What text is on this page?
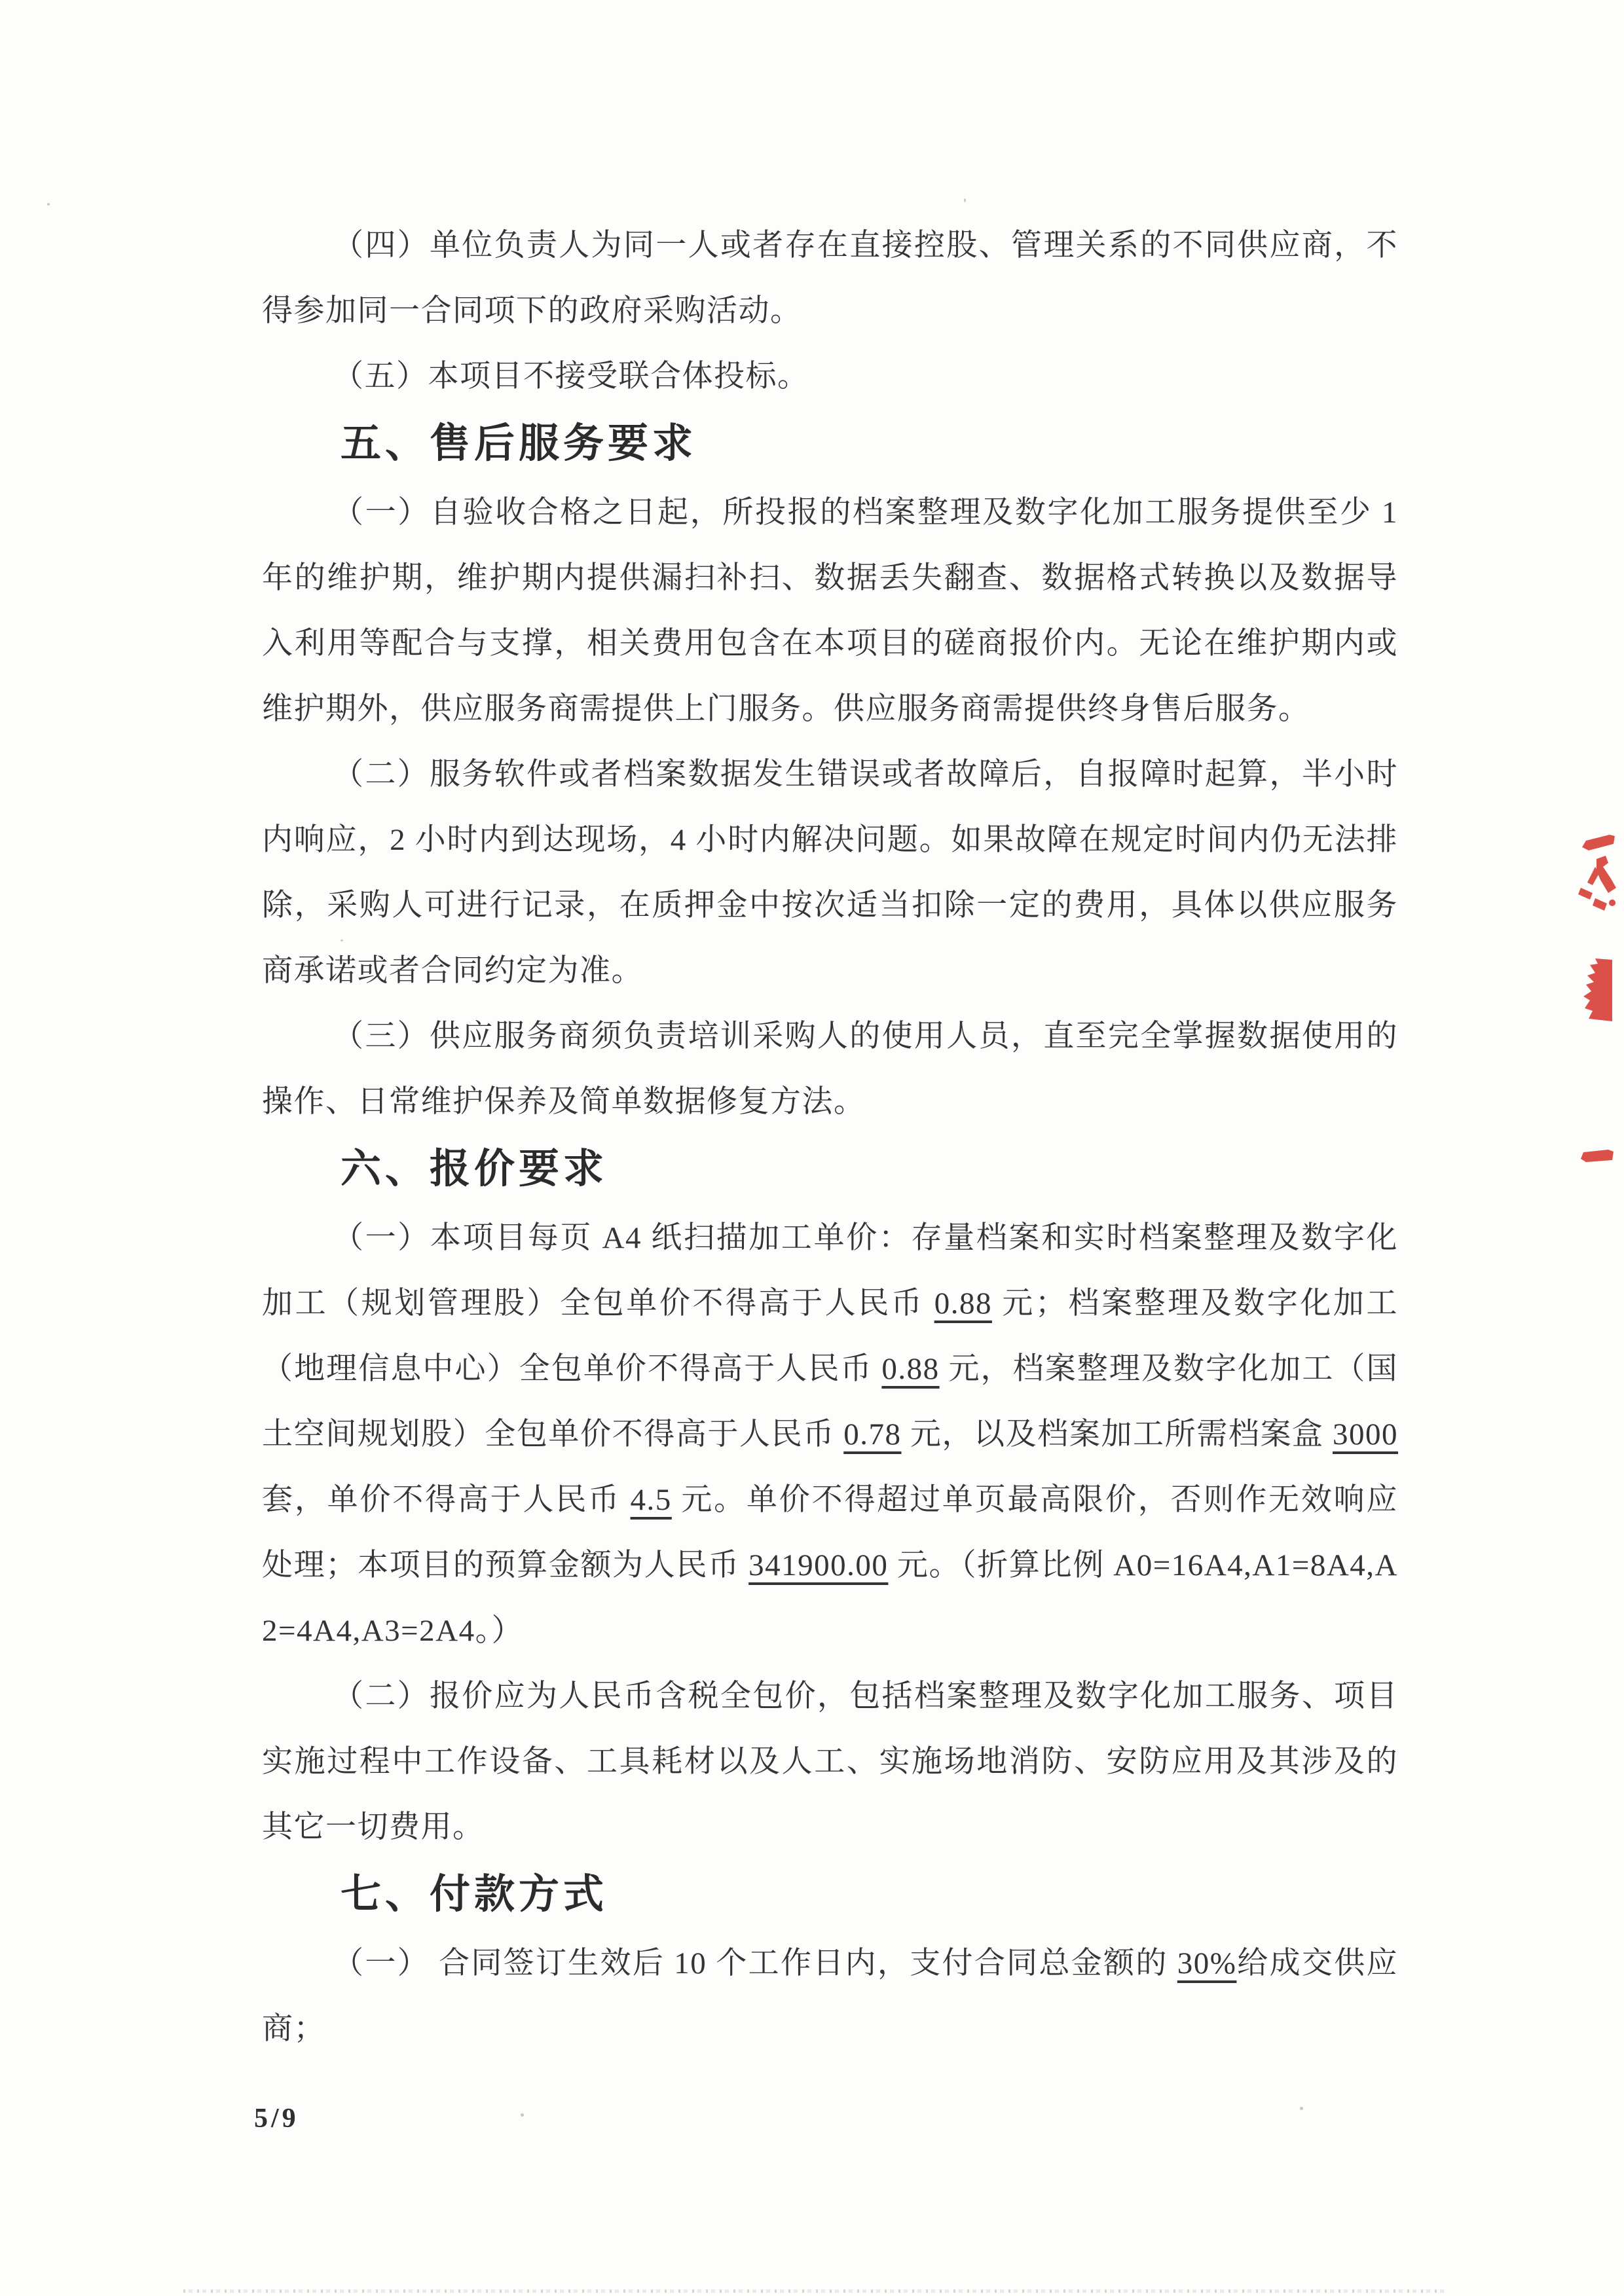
（四）单位负责人为同一人或者存在直接控股、管理关系的不同供应商，不得参加同一合同项下的政府采购活动。

（五）本项目不接受联合体投标。

五、售后服务要求

（一）自验收合格之日起，所投报的档案整理及数字化加工服务提供至少 1 年的维护期，维护期内提供漏扫补扫、数据丢失翻查、数据格式转换以及数据导入利用等配合与支撑，相关费用包含在本项目的磋商报价内。无论在维护期内或维护期外，供应服务商需提供上门服务。供应服务商需提供终身售后服务。

（二）服务软件或者档案数据发生错误或者故障后，自报障时起算，半小时内响应，2 小时内到达现场，4 小时内解决问题。如果故障在规定时间内仍无法排除，采购人可进行记录，在质押金中按次适当扣除一定的费用，具体以供应服务商承诺或者合同约定为准。

（三）供应服务商须负责培训采购人的使用人员，直至完全掌握数据使用的操作、日常维护保养及简单数据修复方法。

六、报价要求

（一）本项目每页 A4 纸扫描加工单价：存量档案和实时档案整理及数字化加工（规划管理股）全包单价不得高于人民币 0.88 元；档案整理及数字化加工（地理信息中心）全包单价不得高于人民币 0.88 元，档案整理及数字化加工（国土空间规划股）全包单价不得高于人民币 0.78 元，以及档案加工所需档案盒 3000 套，单价不得高于人民币 4.5 元。单价不得超过单页最高限价，否则作无效响应处理；本项目的预算金额为人民币 341900.00 元。（折算比例 A0=16A4,A1=8A4,A2=4A4,A3=2A4。）

（二）报价应为人民币含税全包价，包括档案整理及数字化加工服务、项目实施过程中工作设备、工具耗材以及人工、实施场地消防、安防应用及其涉及的其它一切费用。

七、付款方式

（一） 合同签订生效后 10 个工作日内，支付合同总金额的 30%给成交供应商；

5/9
